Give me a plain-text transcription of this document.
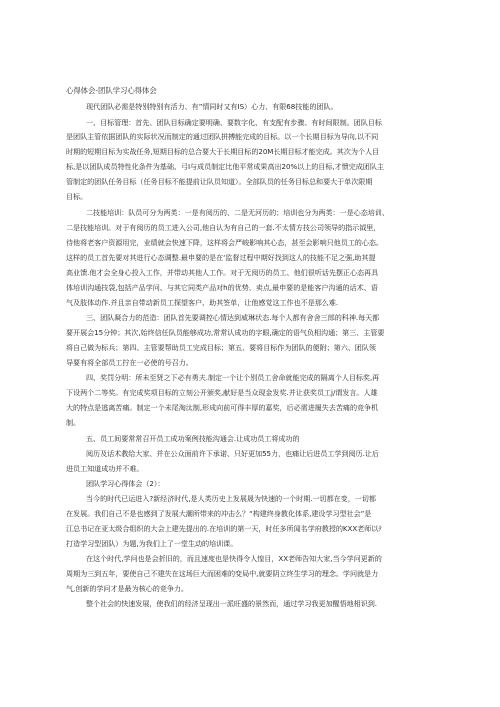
心得体会-团队学习心得体会
现代团队必需是特别特别有活力、有”情同时又有IS）心力、有限68技能的团队。
一、目标管理：首先、团队目标确定要明确、要数字化、有支配有步骤、有时间限制。团队目标
是团队主管依据团队的实际状况而制定的通过团队拼搏能完成的目标。以一个长期目标为导向,以不同
时期的短期目标为实战任务,短期目标的总合要大于长期目标的20M长期目标才能完成。其次为个人目
标,是以团队成员特性化条件为基础、弓I与成员制定比他平常成果高出20%以上的目标,才愦完成团队主
管制定的团队任务目标（任务目标不能提前让队员知道）。全部队员的任务目标总和要大于单次限期
目标。
二技能培训：队员可分为两类：一是有阅历的、二是无河历的；培训也分为两类：一是心态培训、
二是技能培训。对于有阅历的员工进入公司,他自认为有自己的一套.不太情方技公司领导的指示钺里，
待他将老客户资源用完，业绩就会快速下降，这样将会严峻影响其心态，甚至会影响只他员工的心态。
这样的员工首先要对其进行心态调整.最申要的是在‘监督过程中期好找到这人的技能不足之强,助其提
高业馈.他才会全身心投入工作，并带动其他人工作。对于无阅历的员工、他们很听话先摆正心态再具
体培训沟通技袋,包括产品学问、与其它同类产品对h的优势、卖点,最申要的是能客户沟通的话术、语
气及肢体动作.并且亲自带动新员工探望客户、助其签单，让他感觉这工作也不是那么难.
三、团队凝合力的范造：团队首先要调控心情达到威琳状态.每个人都有舍舍三郎的科神.每天都
要开展会15分钟；其次,始终信任队员能够成功,常常认成功的字眼,确定的语气负相沟通；第三、主管要
将自己做为标兵；第四、主管要帮助员工完成目标；第五、要将目标作为团队的便附；第六、团队领
导要有将全部员工拧在一必使的号召力。
四、奖罚分明：所未至贤之下必有勇夫.制定一个让个别员工舍命就能完成的隔离个人目标奖,再
下设两个二等奖。有完成奖项目标的立刻公开颁奖,献好是当众现金发奖.并让获奖员工j/谓发言。人雄
大的特点是逃离苦痛。制定一个未尾淘汰制,形成向前可得丰厚的嘉奖，后必需进履失去苦痛的竞争机
制。
五、员工间要常常召开员工成功案例技能沟通会.让成功员工将成功的
阅历及话术教给大家、并在公众面前许下承诺、只好更加55力，也痛让后进员工学到阅历.让后
进员工知道成功并不难。
团队学习心得体会（2）：
当今的时代已运进入?新经济时代,是人类历史上发展晟为快速的一个时期.一切都在变，一切都
在发展。我们自己不是也感到了发展大潮所带来的冲击么？“构建终身教化体系,建设学习型社会”是
江总书记在亚太级合组织的大会上建先提出的.在培训的第一天，时任多所闻名学府教授的KXX老师以ﾃ
打造学习型团队）为题,为我们上了一堂生动的培训课。
在这个时代,学问也是会折旧的，而且速度也是快得令人惶目，XX老师告知大家,当今学问更新的
周期为三到五年，要使自己不建失在这场巨大而困难的变局中,就要阴立终生学习的理念。学问就是力
气,创新的学问才是最为核心的竞争力。
整个社会的快速发展，使我们的经济呈现出一派旺盛的景然而，通过学习我更加醒悟地相识到.
